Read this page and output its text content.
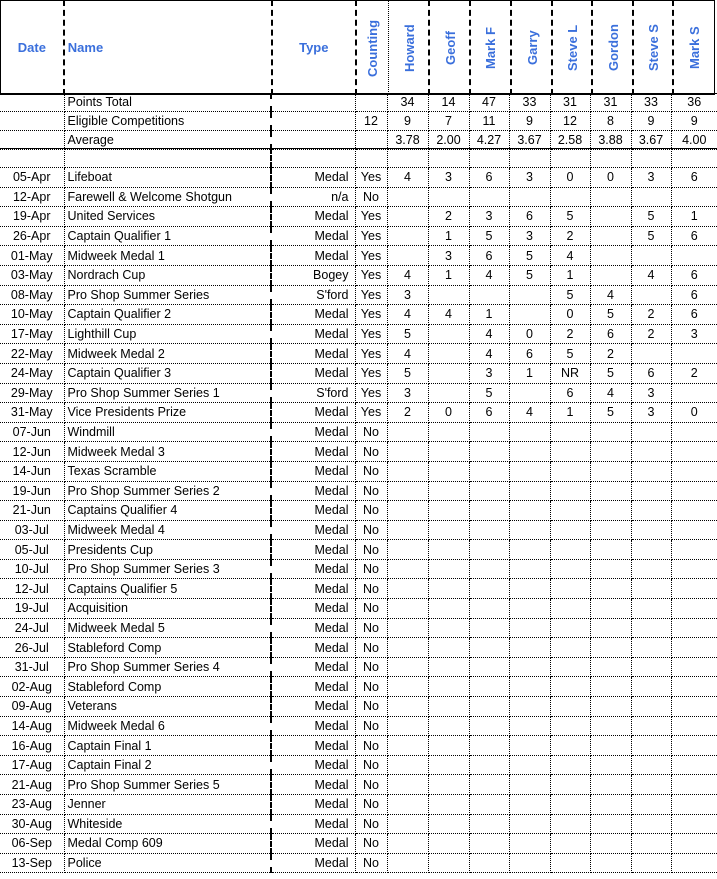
Date	Name	Type	Counting	Howard	Geoff	Mark F	Garry	Steve L	Gordon	Steve S	Mark S
	Points Total			34	14	47	33	31	31	33	36
	Eligible Competitions		12	9	7	11	9	12	8	9	9
	Average			3.78	2.00	4.27	3.67	2.58	3.88	3.67	4.00

05-Apr	Lifeboat	Medal	Yes	4	3	6	3	0	0	3	6
12-Apr	Farewell & Welcome Shotgun	n/a	No								
19-Apr	United Services	Medal	Yes		2	3	6	5		5	1
26-Apr	Captain Qualifier 1	Medal	Yes		1	5	3	2		5	6
01-May	Midweek Medal 1	Medal	Yes		3	6	5	4			
03-May	Nordrach Cup	Bogey	Yes	4	1	4	5	1		4	6
08-May	Pro Shop Summer Series	S'ford	Yes	3				5	4		6
10-May	Captain Qualifier 2	Medal	Yes	4	4	1		0	5	2	6
17-May	Lighthill Cup	Medal	Yes	5		4	0	2	6	2	3
22-May	Midweek Medal 2	Medal	Yes	4		4	6	5	2		
24-May	Captain Qualifier 3	Medal	Yes	5		3	1	NR	5	6	2
29-May	Pro Shop Summer Series 1	S'ford	Yes	3		5		6	4	3	
31-May	Vice Presidents Prize	Medal	Yes	2	0	6	4	1	5	3	0
07-Jun	Windmill	Medal	No								
12-Jun	Midweek Medal 3	Medal	No								
14-Jun	Texas Scramble	Medal	No								
19-Jun	Pro Shop Summer Series 2	Medal	No								
21-Jun	Captains Qualifier 4	Medal	No								
03-Jul	Midweek Medal 4	Medal	No								
05-Jul	Presidents Cup	Medal	No								
10-Jul	Pro Shop Summer Series 3	Medal	No								
12-Jul	Captains Qualifier 5	Medal	No								
19-Jul	Acquisition	Medal	No								
24-Jul	Midweek Medal 5	Medal	No								
26-Jul	Stableford Comp	Medal	No								
31-Jul	Pro Shop Summer Series 4	Medal	No								
02-Aug	Stableford Comp	Medal	No								
09-Aug	Veterans	Medal	No								
14-Aug	Midweek Medal 6	Medal	No								
16-Aug	Captain Final 1	Medal	No								
17-Aug	Captain Final 2	Medal	No								
21-Aug	Pro Shop Summer Series 5	Medal	No								
23-Aug	Jenner	Medal	No								
30-Aug	Whiteside	Medal	No								
06-Sep	Medal Comp 609	Medal	No								
13-Sep	Police	Medal	No								
